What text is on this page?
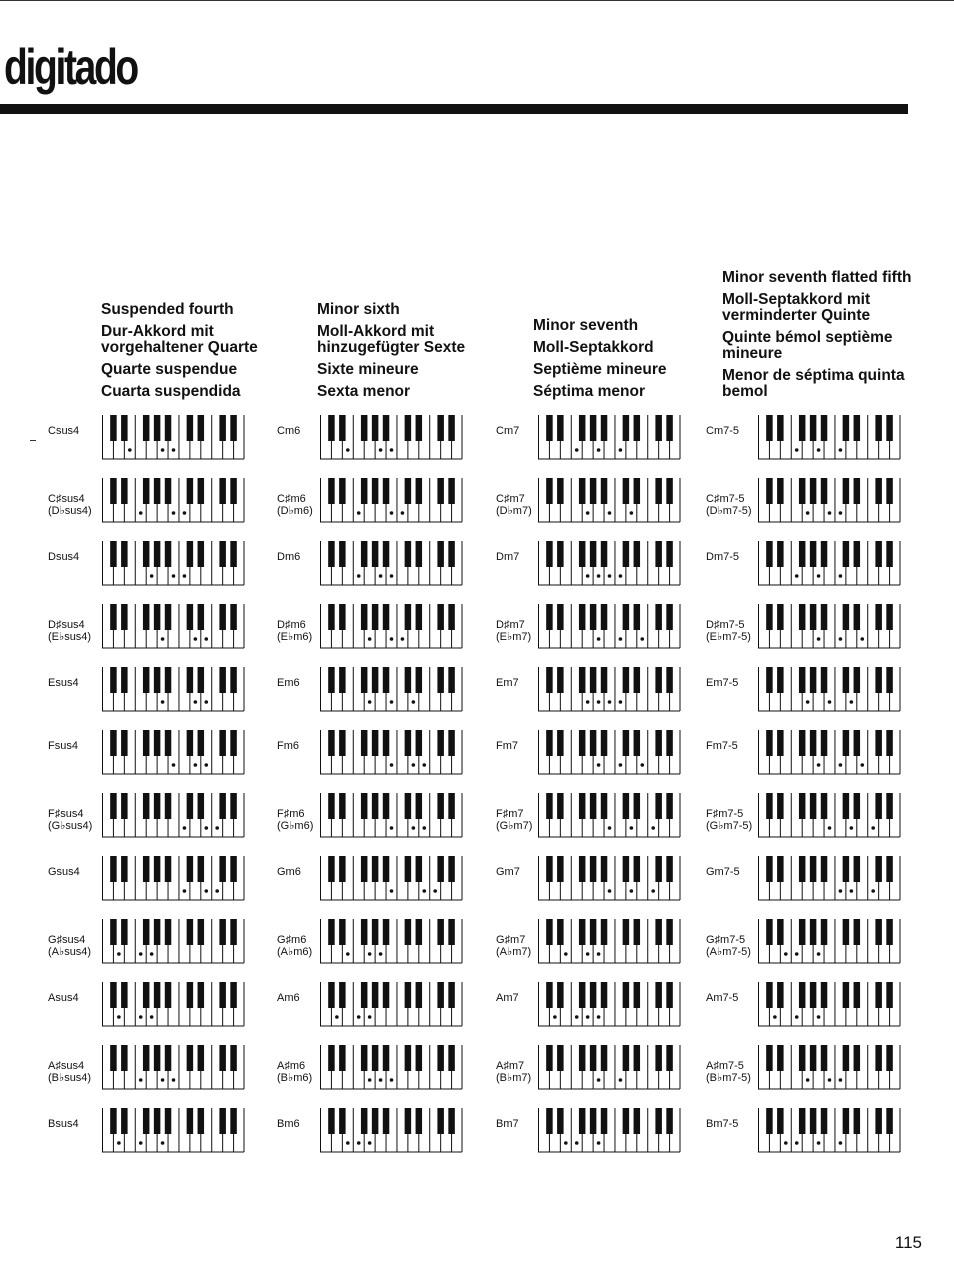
digitado
Suspended fourth
Dur-Akkord mit vorgehaltener Quarte
Quarte suspendue
Cuarta suspendida
Minor sixth
Moll-Akkord mit hinzugefügter Sexte
Sixte mineure
Sexta menor
Minor seventh
Moll-Septakkord
Septième mineure
Séptima menor
Minor seventh flatted fifth
Moll-Septakkord mit verminderter Quinte
Quinte bémol septième mineure
Menor de séptima quinta bemol
Csus4
C♯sus4
(D♭sus4)
Dsus4
D♯sus4
(E♭sus4)
Esus4
Fsus4
F♯sus4
(G♭sus4)
Gsus4
G♯sus4
(A♭sus4)
Asus4
A♯sus4
(B♭sus4)
Bsus4
Cm6
C♯m6
(D♭m6)
Dm6
D♯m6
(E♭m6)
Em6
Fm6
F♯m6
(G♭m6)
Gm6
G♯m6
(A♭m6)
Am6
A♯m6
(B♭m6)
Bm6
Cm7
C♯m7
(D♭m7)
Dm7
D♯m7
(E♭m7)
Em7
Fm7
F♯m7
(G♭m7)
Gm7
G♯m7
(A♭m7)
Am7
A♯m7
(B♭m7)
Bm7
Cm7-5
C♯m7-5
(D♭m7-5)
Dm7-5
D♯m7-5
(E♭m7-5)
Em7-5
Fm7-5
F♯m7-5
(G♭m7-5)
Gm7-5
G♯m7-5
(A♭m7-5)
Am7-5
A♯m7-5
(B♭m7-5)
Bm7-5
115
